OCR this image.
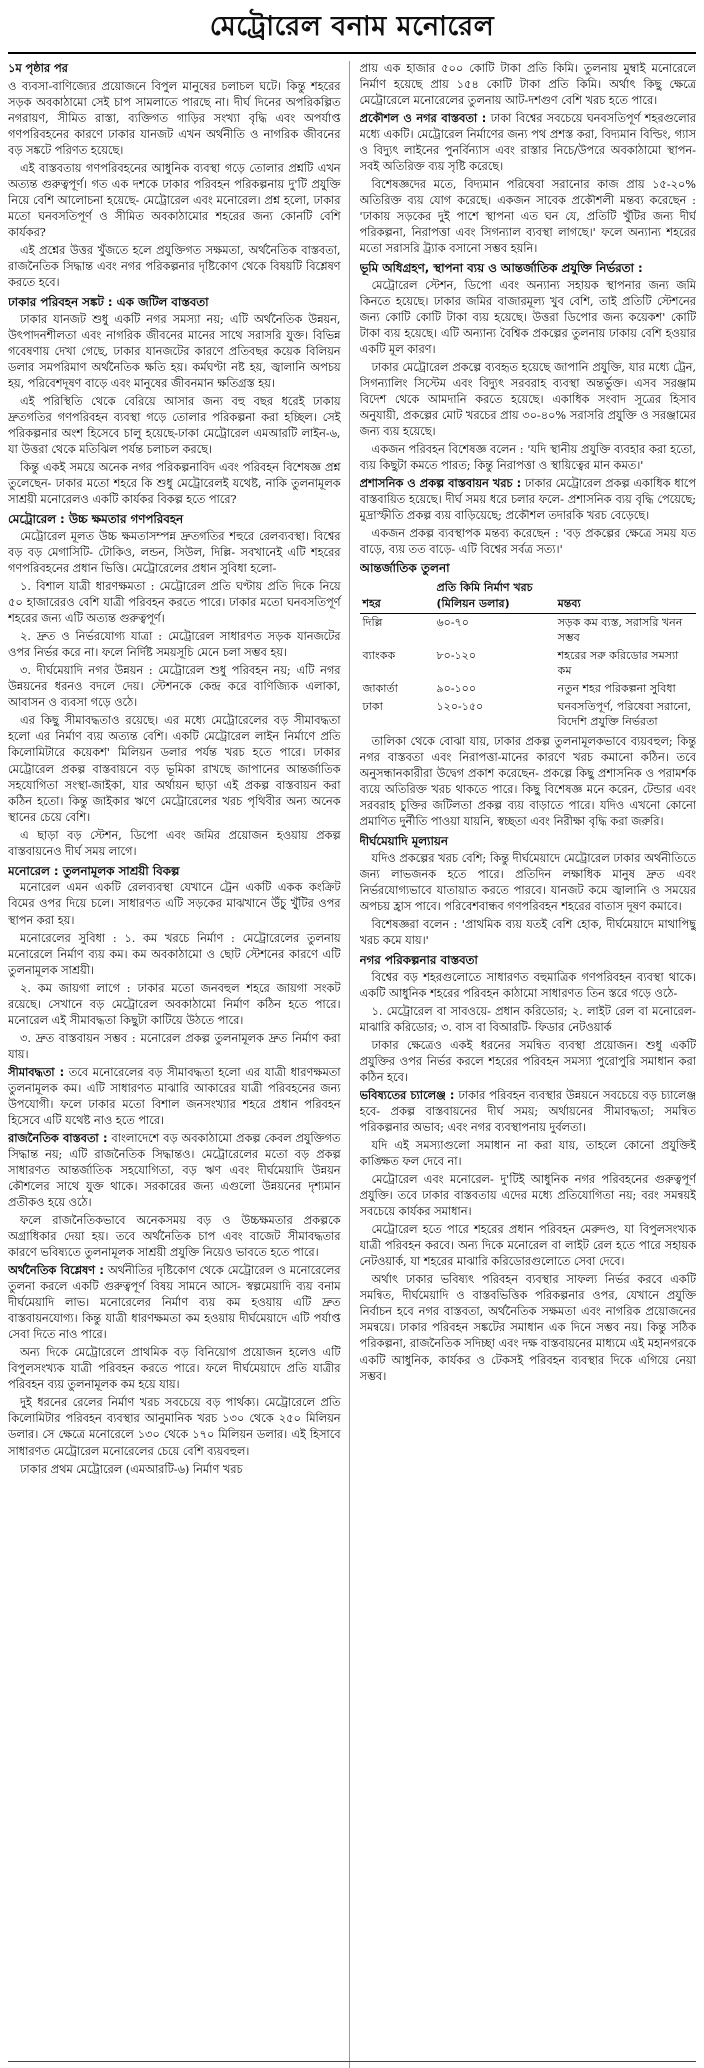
মেট্রোরেল বনাম মনোরেল

১ম পৃষ্ঠার পর

ও ব্যবসা-বাণিজ্যের প্রয়োজনে বিপুল মানুষের চলাচল ঘটে। কিন্তু শহরের সড়ক অবকাঠামো সেই চাপ সামলাতে পারছে না। দীর্ঘ দিনের অপরিকল্পিত নগরায়ণ, সীমিত রাস্তা, ব্যক্তিগত গাড়ির সংখ্যা বৃদ্ধি এবং অপর্যাপ্ত গণপরিবহনের কারণে ঢাকার যানজট এখন অর্থনীতি ও নাগরিক জীবনের বড় সঙ্কটে পরিণত হয়েছে।

এই বাস্তবতায় গণপরিবহনের আধুনিক ব্যবস্থা গড়ে তোলার প্রশ্নটি এখন অত্যন্ত গুরুত্বপূর্ণ। গত এক দশকে ঢাকার পরিবহন পরিকল্পনায় দু'টি প্রযুক্তি নিয়ে বেশি আলোচনা হয়েছে- মেট্রোরেল এবং মনোরেল। প্রশ্ন হলো, ঢাকার মতো ঘনবসতিপূর্ণ ও সীমিত অবকাঠামোর শহরের জন্য কোনটি বেশি কার্যকর?

এই প্রশ্নের উত্তর খুঁজতে হলে প্রযুক্তিগত সক্ষমতা, অর্থনৈতিক বাস্তবতা, রাজনৈতিক সিদ্ধান্ত এবং নগর পরিকল্পনার দৃষ্টিকোণ থেকে বিষয়টি বিশ্লেষণ করতে হবে।

ঢাকার পরিবহন সঙ্কট : এক জটিল বাস্তবতা

ঢাকার যানজট শুধু একটি নগর সমস্যা নয়; এটি অর্থনৈতিক উন্নয়ন, উৎপাদনশীলতা এবং নাগরিক জীবনের মানের সাথে সরাসরি যুক্ত। বিভিন্ন গবেষণায় দেখা গেছে, ঢাকার যানজটের কারণে প্রতিবছর কয়েক বিলিয়ন ডলার সমপরিমাণ অর্থনৈতিক ক্ষতি হয়। কর্মঘণ্টা নষ্ট হয়, জ্বালানি অপচয় হয়, পরিবেশদূষণ বাড়ে এবং মানুষের জীবনমান ক্ষতিগ্রস্ত হয়।

এই পরিস্থিতি থেকে বেরিয়ে আসার জন্য বহু বছর ধরেই ঢাকায় দ্রুতগতির গণপরিবহন ব্যবস্থা গড়ে তোলার পরিকল্পনা করা হচ্ছিল। সেই পরিকল্পনার অংশ হিসেবে চালু হয়েছে-ঢাকা মেট্রোরেল এমআরটি লাইন-৬, যা উত্তরা থেকে মতিঝিল পর্যন্ত চলাচল করছে।

কিন্তু একই সময়ে অনেক নগর পরিকল্পনাবিদ এবং পরিবহন বিশেষজ্ঞ প্রশ্ন তুলেছেন- ঢাকার মতো শহরে কি শুধু মেট্রোরেলই যথেষ্ট, নাকি তুলনামূলক সাশ্রয়ী মনোরেলও একটি কার্যকর বিকল্প হতে পারে?

মেট্রোরেল : উচ্চ ক্ষমতার গণপরিবহন

মেট্রোরেল মূলত উচ্চ ক্ষমতাসম্পন্ন দ্রুতগতির শহুরে রেলব্যবস্থা। বিশ্বের বড় বড় মেগাসিটি- টোকিও, লন্ডন, সিউল, দিল্লি- সবখানেই এটি শহরের গণপরিবহনের প্রধান ভিত্তি। মেট্রোরেলের প্রধান সুবিধা হলো-

১. বিশাল যাত্রী ধারণক্ষমতা : মেট্রোরেল প্রতি ঘণ্টায় প্রতি দিকে নিয়ে ৫০ হাজারেরও বেশি যাত্রী পরিবহন করতে পারে। ঢাকার মতো ঘনবসতিপূর্ণ শহরের জন্য এটি অত্যন্ত গুরুত্বপূর্ণ।

২. দ্রুত ও নির্ভরযোগ্য যাত্রা : মেট্রোরেল সাধারণত সড়ক যানজটের ওপর নির্ভর করে না। ফলে নির্দিষ্ট সময়সূচি মেনে চলা সম্ভব হয়।

৩. দীর্ঘমেয়াদি নগর উন্নয়ন : মেট্রোরেল শুধু পরিবহন নয়; এটি নগর উন্নয়নের ধরনও বদলে দেয়। স্টেশনকে কেন্দ্র করে বাণিজ্যিক এলাকা, আবাসন ও ব্যবসা গড়ে ওঠে।

এর কিছু সীমাবদ্ধতাও রয়েছে। এর মধ্যে মেট্রোরেলের বড় সীমাবদ্ধতা হলো এর নির্মাণ ব্যয় অত্যন্ত বেশি। একটি মেট্রোরেল লাইন নির্মাণে প্রতি কিলোমিটারে কয়েকশ' মিলিয়ন ডলার পর্যন্ত খরচ হতে পারে। ঢাকার মেট্রোরেল প্রকল্প বাস্তবায়নে বড় ভূমিকা রাখছে জাপানের আন্তর্জাতিক সহযোগিতা সংস্থা-জাইকা, যার অর্থায়ন ছাড়া এই প্রকল্প বাস্তবায়ন করা কঠিন হতো। কিন্তু জাইকার ঋণে মেট্রোরেলের খরচ পৃথিবীর অন্য অনেক স্থানের চেয়ে বেশি।

এ ছাড়া বড় স্টেশন, ডিপো এবং জমির প্রয়োজন হওয়ায় প্রকল্প বাস্তবায়নেও দীর্ঘ সময় লাগে।

মনোরেল : তুলনামূলক সাশ্রয়ী বিকল্প

মনোরেল এমন একটি রেলব্যবস্থা যেখানে ট্রেন একটি একক কংক্রিট বিমের ওপর দিয়ে চলে। সাধারণত এটি সড়কের মাঝখানে উঁচু খুঁটির ওপর স্থাপন করা হয়।

মনোরেলের সুবিধা : ১. কম খরচে নির্মাণ : মেট্রোরেলের তুলনায় মনোরেলে নির্মাণ ব্যয় কম। কম অবকাঠামো ও ছোট স্টেশনের কারণে এটি তুলনামূলক সাশ্রয়ী।

২. কম জায়গা লাগে : ঢাকার মতো জনবহুল শহরে জায়গা সংকট রয়েছে। সেখানে বড় মেট্রোরেল অবকাঠামো নির্মাণ কঠিন হতে পারে। মনোরেল এই সীমাবদ্ধতা কিছুটা কাটিয়ে উঠতে পারে।

৩. দ্রুত বাস্তবায়ন সম্ভব : মনোরেল প্রকল্প তুলনামূলক দ্রুত নির্মাণ করা যায়।

সীমাবদ্ধতা : তবে মনোরেলের বড় সীমাবদ্ধতা হলো এর যাত্রী ধারণক্ষমতা তুলনামূলক কম। এটি সাধারণত মাঝারি আকারের যাত্রী পরিবহনের জন্য উপযোগী। ফলে ঢাকার মতো বিশাল জনসংখ্যার শহরে প্রধান পরিবহন হিসেবে এটি যথেষ্ট নাও হতে পারে।

রাজনৈতিক বাস্তবতা : বাংলাদেশে বড় অবকাঠামো প্রকল্প কেবল প্রযুক্তিগত সিদ্ধান্ত নয়; এটি রাজনৈতিক সিদ্ধান্তও। মেট্রোরেলের মতো বড় প্রকল্প সাধারণত আন্তর্জাতিক সহযোগিতা, বড় ঋণ এবং দীর্ঘমেয়াদি উন্নয়ন কৌশলের সাথে যুক্ত থাকে। সরকারের জন্য এগুলো উন্নয়নের দৃশ্যমান প্রতীকও হয়ে ওঠে।

ফলে রাজনৈতিকভাবে অনেকসময় বড় ও উচ্চক্ষমতার প্রকল্পকে অগ্রাধিকার দেয়া হয়। তবে অর্থনৈতিক চাপ এবং বাজেট সীমাবদ্ধতার কারণে ভবিষ্যতে তুলনামূলক সাশ্রয়ী প্রযুক্তি নিয়েও ভাবতে হতে পারে।

অর্থনৈতিক বিশ্লেষণ : অর্থনীতির দৃষ্টিকোণ থেকে মেট্রোরেল ও মনোরেলের তুলনা করলে একটি গুরুত্বপূর্ণ বিষয় সামনে আসে- স্বল্পমেয়াদি ব্যয় বনাম দীর্ঘমেয়াদি লাভ। মনোরেলের নির্মাণ ব্যয় কম হওয়ায় এটি দ্রুত বাস্তবায়নযোগ্য। কিন্তু যাত্রী ধারণক্ষমতা কম হওয়ায় দীর্ঘমেয়াদে এটি পর্যাপ্ত সেবা দিতে নাও পারে।

অন্য দিকে মেট্রোরেলে প্রাথমিক বড় বিনিয়োগ প্রয়োজন হলেও এটি বিপুলসংখ্যক যাত্রী পরিবহন করতে পারে। ফলে দীর্ঘমেয়াদে প্রতি যাত্রীর পরিবহন ব্যয় তুলনামূলক কম হয়ে যায়।

দুই ধরনের রেলের নির্মাণ খরচ সবচেয়ে বড় পার্থক্য। মেট্রোরেলে প্রতি কিলোমিটার পরিবহন ব্যবস্থার আনুমানিক খরচ ১৩০ থেকে ২৫০ মিলিয়ন ডলার। সে ক্ষেত্রে মনোরেলে ১৩০ থেকে ১৭০ মিলিয়ন ডলার। এই হিসাবে সাধারণত মেট্রোরেল মনোরেলের চেয়ে বেশি ব্যয়বহুল।

ঢাকার প্রথম মেট্রোরেল (এমআরটি-৬) নির্মাণ খরচ

প্রায় এক হাজার ৫০০ কোটি টাকা প্রতি কিমি। তুলনায় মুম্বাই মনোরেলে নির্মাণ হয়েছে প্রায় ১৫৪ কোটি টাকা প্রতি কিমি। অর্থাৎ কিছু ক্ষেত্রে মেট্রোরেলে মনোরেলের তুলনায় আট-দশগুণ বেশি খরচ হতে পারে।

প্রকৌশল ও নগর বাস্তবতা : ঢাকা বিশ্বের সবচেয়ে ঘনবসতিপূর্ণ শহরগুলোর মধ্যে একটি। মেট্রোরেল নির্মাণের জন্য পথ প্রশস্ত করা, বিদ্যমান বিল্ডিং, গ্যাস ও বিদ্যুৎ লাইনের পুনর্বিন্যাস এবং রাস্তার নিচে/উপরে অবকাঠামো স্থাপন- সবই অতিরিক্ত ব্যয় সৃষ্টি করেছে।

বিশেষজ্ঞদের মতে, বিদ্যমান পরিষেবা সরানোর কাজ প্রায় ১৫-২০% অতিরিক্ত ব্যয় যোগ করেছে। একজন সাবেক প্রকৌশলী মন্তব্য করেছেন : 'ঢাকায় সড়কের দুই পাশে স্থাপনা এত ঘন যে, প্রতিটি খুঁটির জন্য দীর্ঘ পরিকল্পনা, নিরাপত্তা এবং সিগন্যাল ব্যবস্থা লাগছে।' ফলে অন্যান্য শহরের মতো সরাসরি ট্র্যাক বসানো সম্ভব হয়নি।

ভূমি অধিগ্রহণ, স্থাপনা ব্যয় ও আন্তর্জাতিক প্রযুক্তি নির্ভরতা :

মেট্রোরেল স্টেশন, ডিপো এবং অন্যান্য সহায়ক স্থাপনার জন্য জমি কিনতে হয়েছে। ঢাকার জমির বাজারমূল্য খুব বেশি, তাই প্রতিটি স্টেশনের জন্য কোটি কোটি টাকা ব্যয় হয়েছে। উত্তরা ডিপোর জন্য কয়েকশ' কোটি টাকা ব্যয় হয়েছে। এটি অন্যান্য বৈশ্বিক প্রকল্পের তুলনায় ঢাকায় বেশি হওয়ার একটি মূল কারণ।

ঢাকার মেট্রোরেল প্রকল্পে ব্যবহৃত হয়েছে জাপানি প্রযুক্তি, যার মধ্যে ট্রেন, সিগন্যালিং সিস্টেম এবং বিদ্যুৎ সরবরাহ ব্যবস্থা অন্তর্ভুক্ত। এসব সরঞ্জাম বিদেশ থেকে আমদানি করতে হয়েছে। একাধিক সংবাদ সূত্রের হিসাব অনুযায়ী, প্রকল্পের মোট খরচের প্রায় ৩০-৪০% সরাসরি প্রযুক্তি ও সরঞ্জামের জন্য ব্যয় হয়েছে।

একজন পরিবহন বিশেষজ্ঞ বলেন : 'যদি স্থানীয় প্রযুক্তি ব্যবহার করা হতো, ব্যয় কিছুটা কমতে পারত; কিন্তু নিরাপত্তা ও স্থায়িত্বের মান কমত।'

প্রশাসনিক ও প্রকল্প বাস্তবায়ন খরচ : ঢাকার মেট্রোরেল প্রকল্প একাধিক ধাপে বাস্তবায়িত হয়েছে। দীর্ঘ সময় ধরে চলার ফলে- প্রশাসনিক ব্যয় বৃদ্ধি পেয়েছে; মুদ্রাস্ফীতি প্রকল্প ব্যয় বাড়িয়েছে; প্রকৌশল তদারকি খরচ বেড়েছে।

একজন প্রকল্প ব্যবস্থাপক মন্তব্য করেছেন : 'বড় প্রকল্পের ক্ষেত্রে সময় যত বাড়ে, ব্যয় তত বাড়ে- এটি বিশ্বের সর্বত্র সত্য।'

আন্তর্জাতিক তুলনা
শহর	প্রতি কিমি নির্মাণ খরচ (মিলিয়ন ডলার)	মন্তব্য
দিল্লি	৬০-৭০	সড়ক কম ব্যস্ত, সরাসরি খনন সম্ভব
ব্যাংকক	৮০-১২০	শহরের সরু করিডোর সমস্যা কম
জাকার্তা	৯০-১০০	নতুন শহর পরিকল্পনা সুবিধা
ঢাকা	১২০-১৫০	ঘনবসতিপূর্ণ, পরিষেবা সরানো, বিদেশি প্রযুক্তি নির্ভরতা

তালিকা থেকে বোঝা যায়, ঢাকার প্রকল্প তুলনামূলকভাবে ব্যয়বহুল; কিন্তু নগর বাস্তবতা এবং নিরাপত্তা-মানের কারণে খরচ কমানো কঠিন। তবে অনুসন্ধানকারীরা উদ্বেগ প্রকাশ করেছেন- প্রকল্পে কিছু প্রশাসনিক ও পরামর্শক ব্যয়ে অতিরিক্ত খরচ থাকতে পারে। কিছু বিশেষজ্ঞ মনে করেন, টেন্ডার এবং সরবরাহ চুক্তির জটিলতা প্রকল্প ব্যয় বাড়াতে পারে। যদিও এখনো কোনো প্রমাণিত দুর্নীতি পাওয়া যায়নি, স্বচ্ছতা এবং নিরীক্ষা বৃদ্ধি করা জরুরি।

দীর্ঘমেয়াদি মূল্যায়ন

যদিও প্রকল্পের খরচ বেশি; কিন্তু দীর্ঘমেয়াদে মেট্রোরেল ঢাকার অর্থনীতিতে জন্য লাভজনক হতে পারে। প্রতিদিন লক্ষাধিক মানুষ দ্রুত এবং নির্ভরযোগ্যভাবে যাতায়াত করতে পারবে। যানজট কমে জ্বালানি ও সময়ের অপচয় হ্রাস পাবে। পরিবেশবান্ধব গণপরিবহন শহরের বাতাস দূষণ কমাবে।

বিশেষজ্ঞরা বলেন : 'প্রাথমিক ব্যয় যতই বেশি হোক, দীর্ঘমেয়াদে মাথাপিছু খরচ কমে যায়।'

নগর পরিকল্পনার বাস্তবতা

বিশ্বের বড় শহরগুলোতে সাধারণত বহুমাত্রিক গণপরিবহন ব্যবস্থা থাকে। একটি আধুনিক শহরের পরিবহন কাঠামো সাধারণত তিন স্তরে গড়ে ওঠে-

১. মেট্রোরেল বা সাবওয়ে- প্রধান করিডোর; ২. লাইট রেল বা মনোরেল- মাঝারি করিডোর; ৩. বাস বা বিআরটি- ফিডার নেটওয়ার্ক

ঢাকার ক্ষেত্রেও একই ধরনের সমন্বিত ব্যবস্থা প্রয়োজন। শুধু একটি প্রযুক্তির ওপর নির্ভর করলে শহরের পরিবহন সমস্যা পুরোপুরি সমাধান করা কঠিন হবে।

ভবিষ্যতের চ্যালেঞ্জ : ঢাকার পরিবহন ব্যবস্থার উন্নয়নে সবচেয়ে বড় চ্যালেঞ্জ হবে- প্রকল্প বাস্তবায়নের দীর্ঘ সময়; অর্থায়নের সীমাবদ্ধতা; সমন্বিত পরিকল্পনার অভাব; এবং নগর ব্যবস্থাপনায় দুর্বলতা।

যদি এই সমস্যাগুলো সমাধান না করা যায়, তাহলে কোনো প্রযুক্তিই কাঙ্ক্ষিত ফল দেবে না।

মেট্রোরেল এবং মনোরেল- দু'টিই আধুনিক নগর পরিবহনের গুরুত্বপূর্ণ প্রযুক্তি। তবে ঢাকার বাস্তবতায় এদের মধ্যে প্রতিযোগিতা নয়; বরং সমন্বয়ই সবচেয়ে কার্যকর সমাধান।

মেট্রোরেল হতে পারে শহরের প্রধান পরিবহন মেরুদণ্ড, যা বিপুলসংখ্যক যাত্রী পরিবহন করবে। অন্য দিকে মনোরেল বা লাইট রেল হতে পারে সহায়ক নেটওয়ার্ক, যা শহরের মাঝারি করিডোরগুলোতে সেবা দেবে।

অর্থাৎ ঢাকার ভবিষ্যৎ পরিবহন ব্যবস্থার সাফল্য নির্ভর করবে একটি সমন্বিত, দীর্ঘমেয়াদি ও বাস্তবভিত্তিক পরিকল্পনার ওপর, যেখানে প্রযুক্তি নির্বাচন হবে নগর বাস্তবতা, অর্থনৈতিক সক্ষমতা এবং নাগরিক প্রয়োজনের সমন্বয়ে। ঢাকার পরিবহন সঙ্কটের সমাধান এক দিনে সম্ভব নয়। কিন্তু সঠিক পরিকল্পনা, রাজনৈতিক সদিচ্ছা এবং দক্ষ বাস্তবায়নের মাধ্যমে এই মহানগরকে একটি আধুনিক, কার্যকর ও টেকসই পরিবহন ব্যবস্থার দিকে এগিয়ে নেয়া সম্ভব।
